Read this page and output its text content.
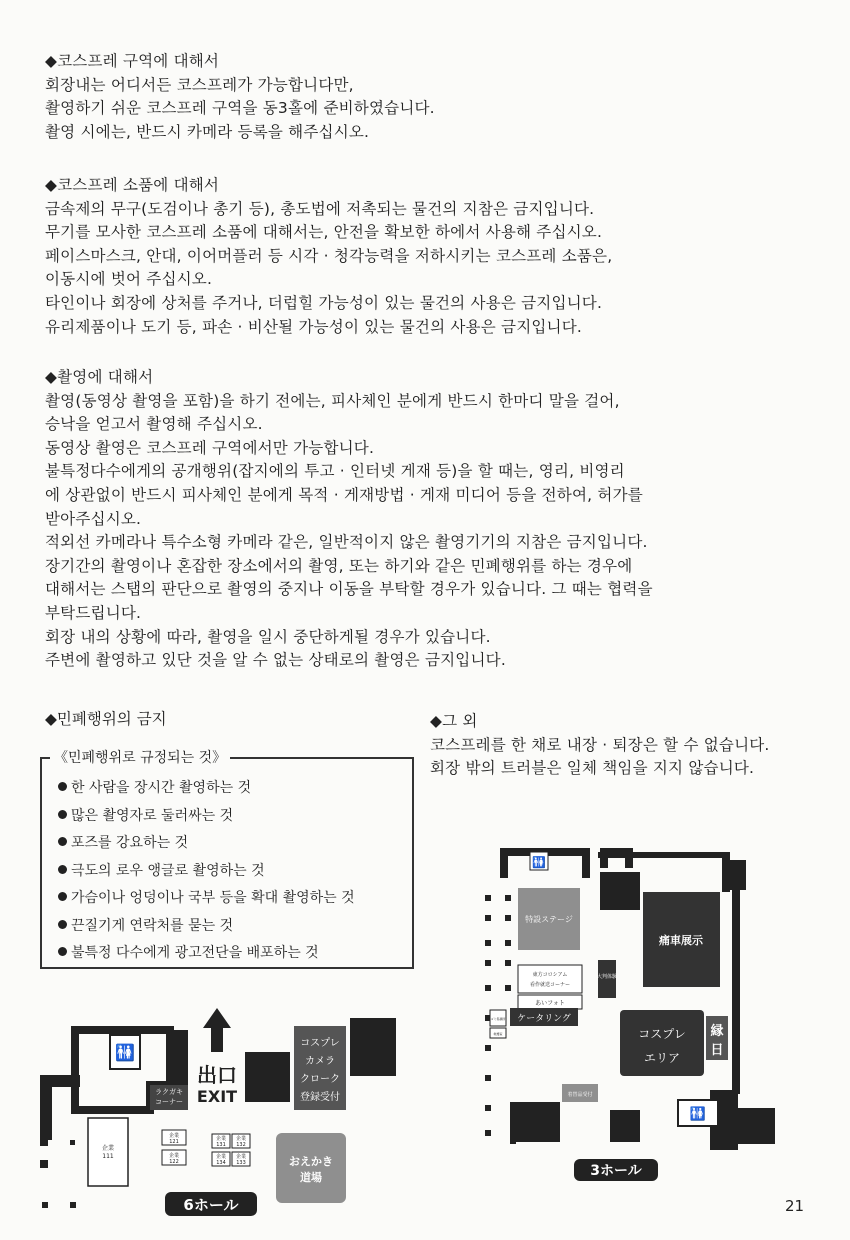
◆코스프레 구역에 대해서
회장내는 어디서든 코스프레가 가능합니다만,
촬영하기 쉬운 코스프레 구역을 동3홀에 준비하였습니다.
촬영 시에는, 반드시 카메라 등록을 해주십시오.
◆코스프레 소품에 대해서
금속제의 무구(도검이나 총기 등), 총도법에 저촉되는 물건의 지참은 금지입니다.
무기를 모사한 코스프레 소품에 대해서는, 안전을 확보한 하에서 사용해 주십시오.
페이스마스크, 안대, 이어머플러 등 시각 · 청각능력을 저하시키는 코스프레 소품은,
이동시에 벗어 주십시오.
타인이나 회장에 상처를 주거나, 더럽힐 가능성이 있는 물건의 사용은 금지입니다.
유리제품이나 도기 등, 파손 · 비산될 가능성이 있는 물건의 사용은 금지입니다.
◆촬영에 대해서
촬영(동영상 촬영을 포함)을 하기 전에는, 피사체인 분에게 반드시 한마디 말을 걸어,
승낙을 얻고서 촬영해 주십시오.
동영상 촬영은 코스프레 구역에서만 가능합니다.
불특정다수에게의 공개행위(잡지에의 투고 · 인터넷 게재 등)을 할 때는, 영리, 비영리
에 상관없이 반드시 피사체인 분에게 목적 · 게재방법 · 게재 미디어 등을 전하여, 허가를
받아주십시오.
적외선 카메라나 특수소형 카메라 같은, 일반적이지 않은 촬영기기의 지참은 금지입니다.
장기간의 촬영이나 혼잡한 장소에서의 촬영, 또는 하기와 같은 민폐행위를 하는 경우에
대해서는 스탭의 판단으로 촬영의 중지나 이동을 부탁할 경우가 있습니다. 그 때는 협력을
부탁드립니다.
회장 내의 상황에 따라, 촬영을 일시 중단하게될 경우가 있습니다.
주변에 촬영하고 있단 것을 알 수 없는 상태로의 촬영은 금지입니다.
◆민폐행위의 금지
《민폐행위로 규정되는 것》
한 사람을 장시간 촬영하는 것
많은 촬영자로 둘러싸는 것
포즈를 강요하는 것
극도의 로우 앵글로 촬영하는 것
가슴이나 엉덩이나 국부 등을 확대 촬영하는 것
끈질기게 연락처를 묻는 것
불특정 다수에게 광고전단을 배포하는 것
◆그 외
코스프레를 한 채로 내장 · 퇴장은 할 수 없습니다.
회장 밖의 트러블은 일체 책임을 지지 않습니다.
🚻
ラクガキ
コーナー
出口
EXIT
コスプレ
カメラ
クローク
登録受付
企業
111
企業
121
企業
122
企業
131
企業
132
企業
134
企業
133	おえかき
道場
6ホール
🚻
🚻
特設ステージ
痛車展示
東方コロシアム
看作就送コーナー
あいフォト
大判体験
ゴミ集積所
救護室
ケータリング
コスプレ
エリア
縁
日
着替品受付
3ホール
21
